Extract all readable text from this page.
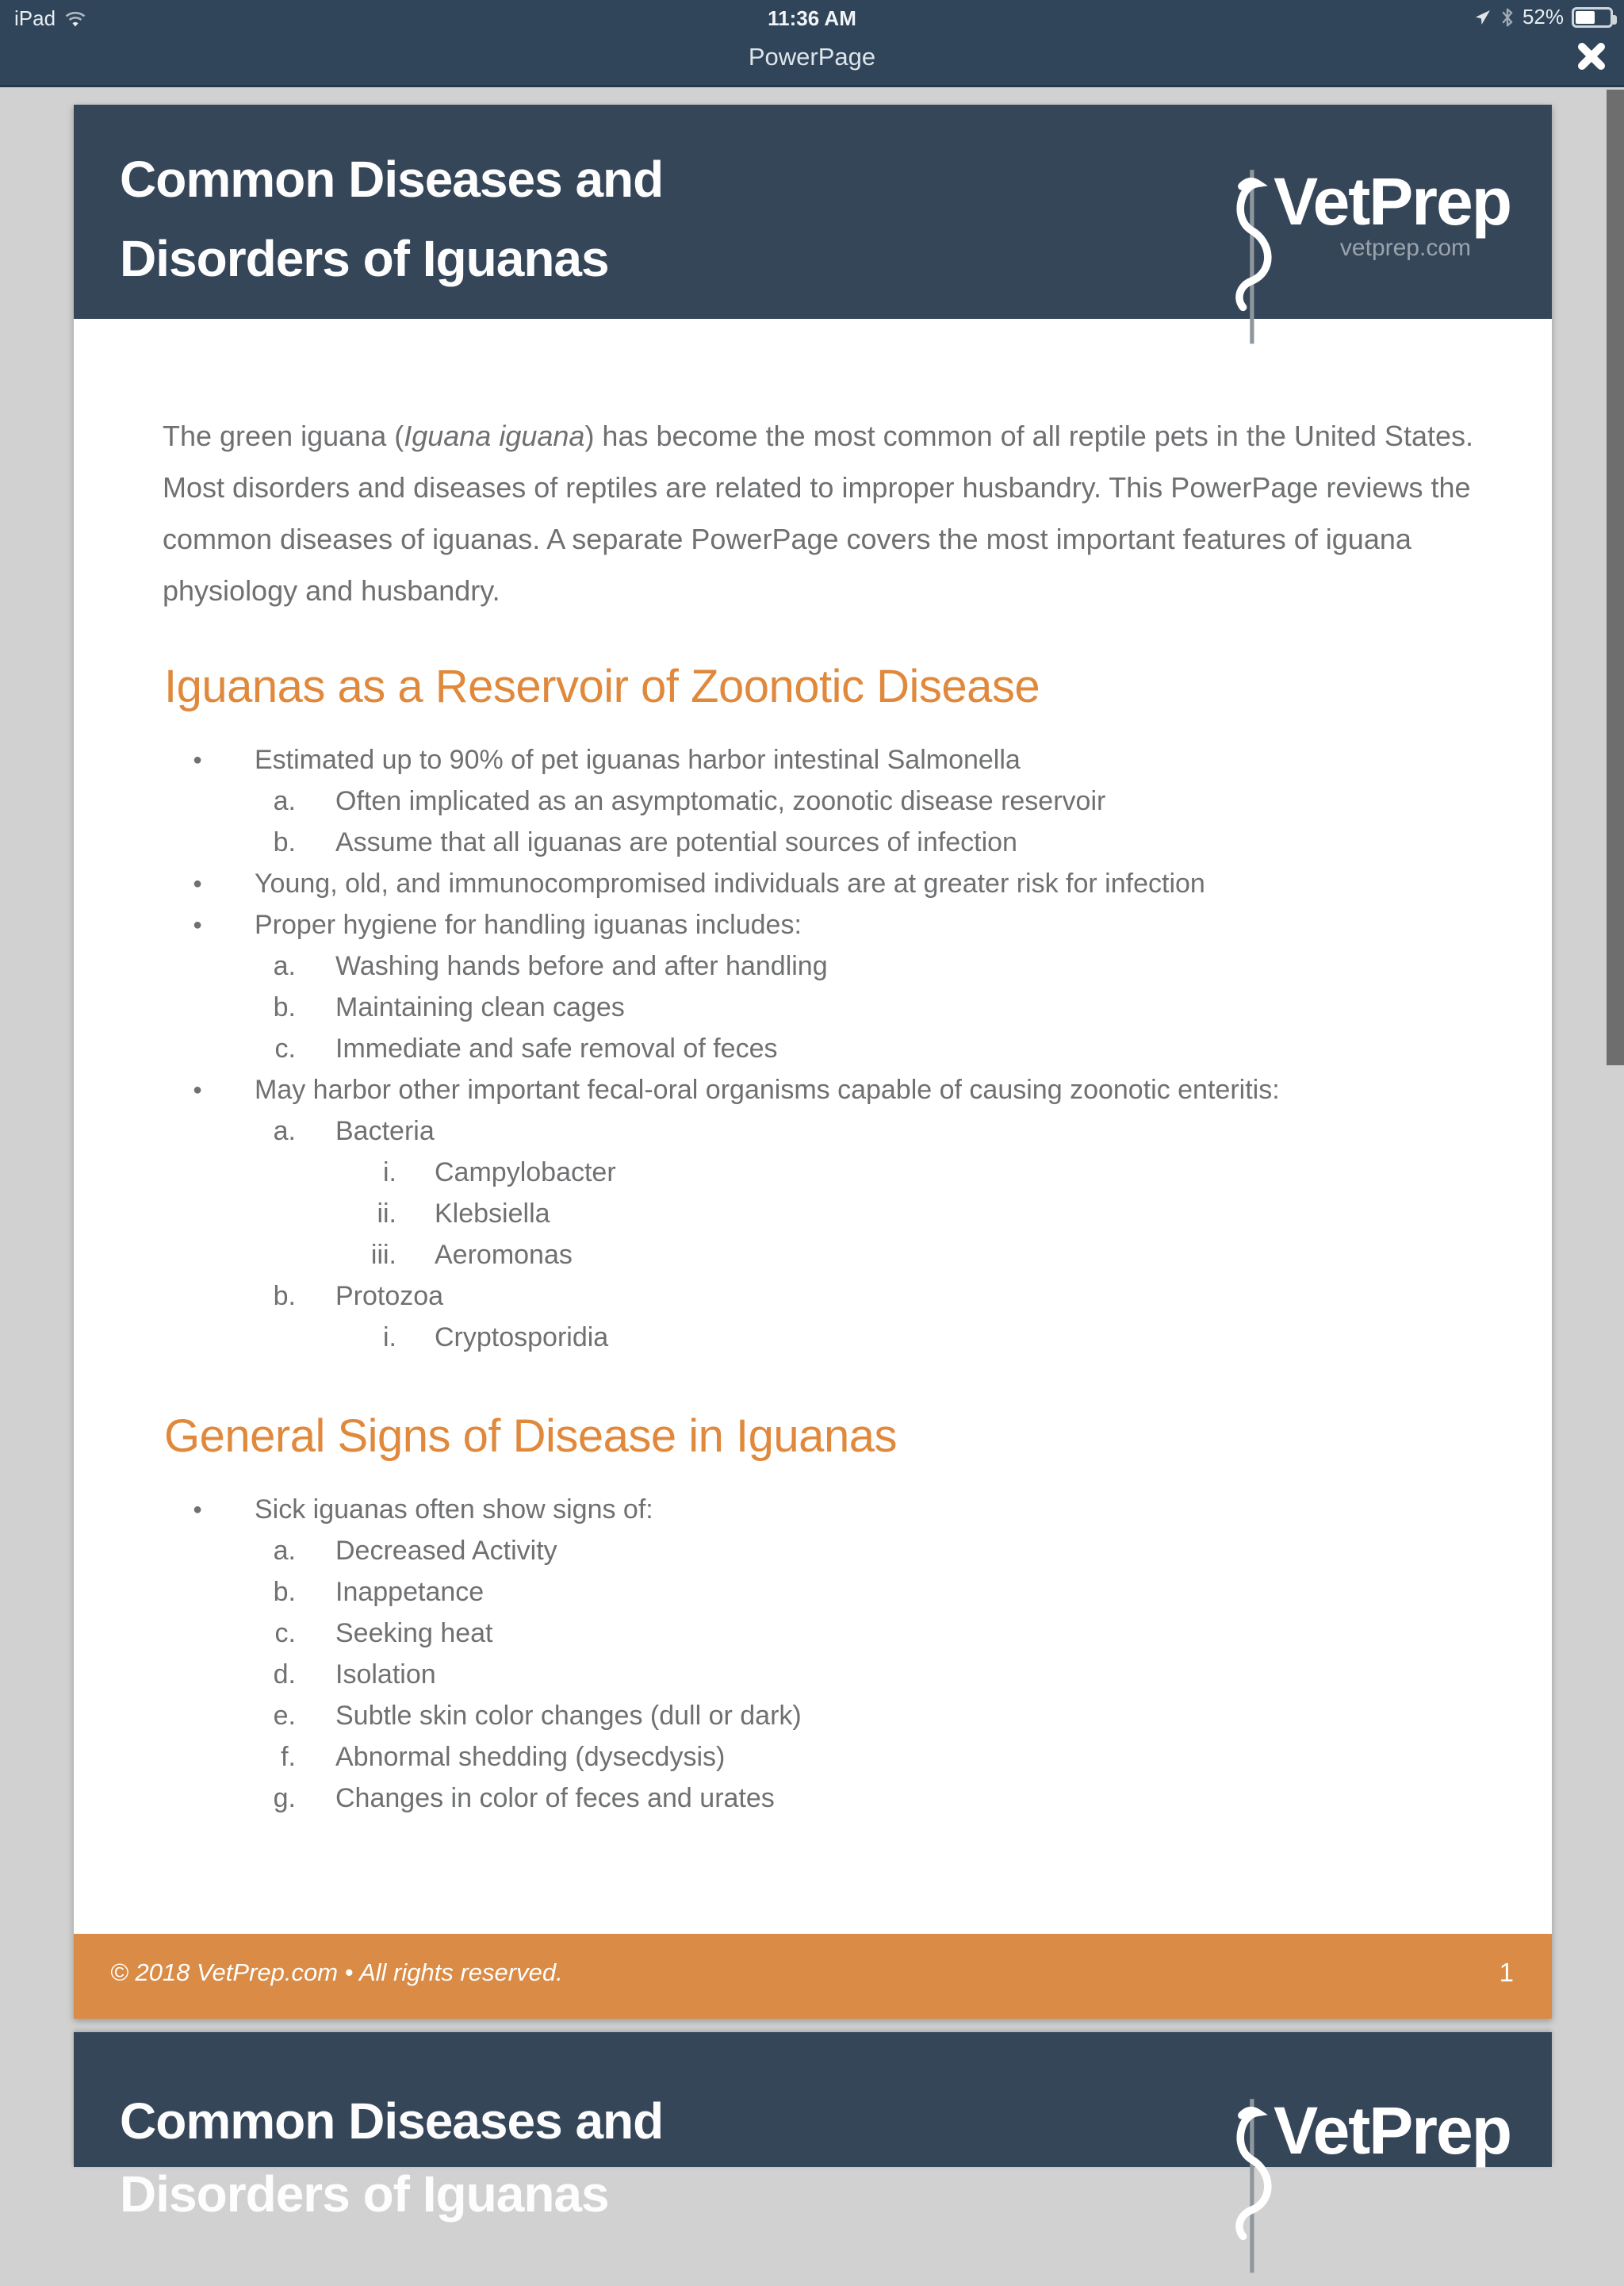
iPad	11:36 AM	52%
PowerPage
Common Diseases and
Disorders of Iguanas
VetPrep
vetprep.com
The green iguana (Iguana iguana) has become the most common of all reptile pets in the United States. Most disorders and diseases of reptiles are related to improper husbandry. This PowerPage reviews the common diseases of iguanas. A separate PowerPage covers the most important features of iguana physiology and husbandry.
Iguanas as a Reservoir of Zoonotic Disease
●	Estimated up to 90% of pet iguanas harbor intestinal Salmonella
a.	Often implicated as an asymptomatic, zoonotic disease reservoir
b.	Assume that all iguanas are potential sources of infection
●	Young, old, and immunocompromised individuals are at greater risk for infection
●	Proper hygiene for handling iguanas includes:
a.	Washing hands before and after handling
b.	Maintaining clean cages
c.	Immediate and safe removal of feces
●	May harbor other important fecal-oral organisms capable of causing zoonotic enteritis:
a.	Bacteria
i.	Campylobacter
ii.	Klebsiella
iii.	Aeromonas
b.	Protozoa
i.	Cryptosporidia
General Signs of Disease in Iguanas
●	Sick iguanas often show signs of:
a.	Decreased Activity
b.	Inappetance
c.	Seeking heat
d.	Isolation
e.	Subtle skin color changes (dull or dark)
f.	Abnormal shedding (dysecdysis)
g.	Changes in color of feces and urates
© 2018 VetPrep.com • All rights reserved.	1
Common Diseases and
Disorders of Iguanas
VetPrep
